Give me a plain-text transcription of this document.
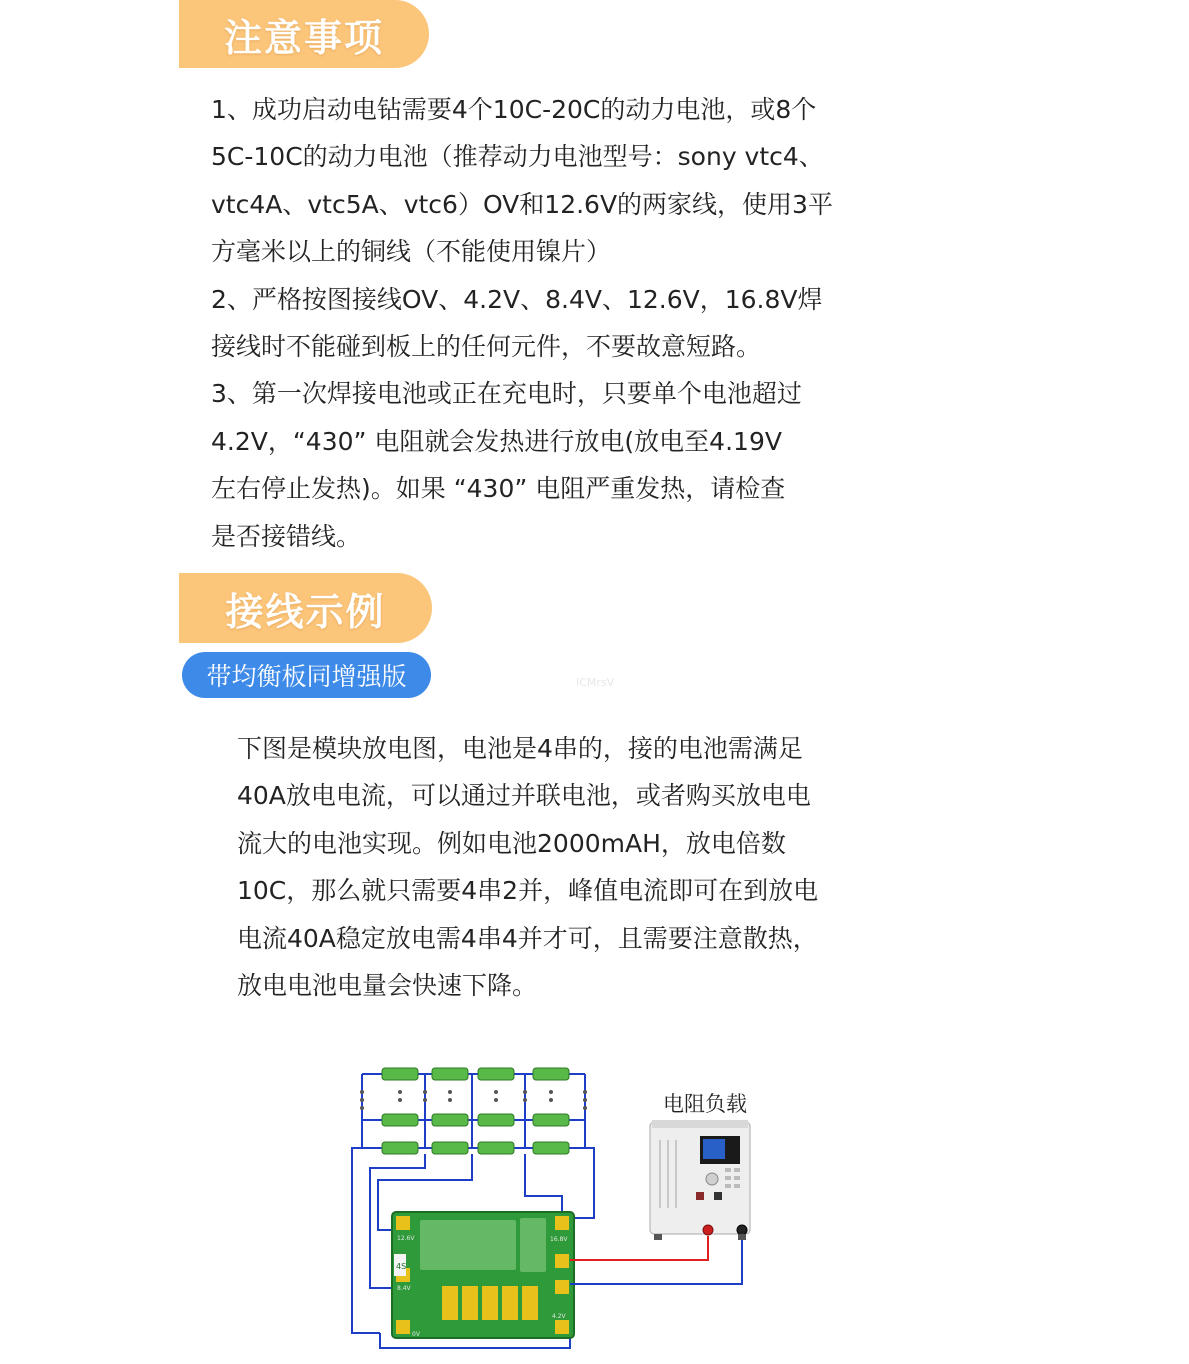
注意事项

1、成功启动电钻需要4个10C-20C的动力电池，或8个
5C-10C的动力电池（推荐动力电池型号：sony vtc4、
vtc4A、vtc5A、vtc6）OV和12.6V的两家线，使用3平
方毫米以上的铜线（不能使用镍片）
2、严格按图接线OV、4.2V、8.4V、12.6V，16.8V焊
接线时不能碰到板上的任何元件，不要故意短路。
3、第一次焊接电池或正在充电时，只要单个电池超过
4.2V，“430” 电阻就会发热进行放电(放电至4.19V
左右停止发热)。如果 “430” 电阻严重发热，请检查
是否接错线。

接线示例
带均衡板同增强版	ICMrsV

下图是模块放电图，电池是4串的，接的电池需满足
40A放电电流，可以通过并联电池，或者购买放电电
流大的电池实现。例如电池2000mAH，放电倍数
10C，那么就只需要4串2并，峰值电流即可在到放电
电流40A稳定放电需4串4并才可，且需要注意散热，
放电电池电量会快速下降。

电阻负载
12.6V
8.4V
16.8V
4.2V
0V
4S
